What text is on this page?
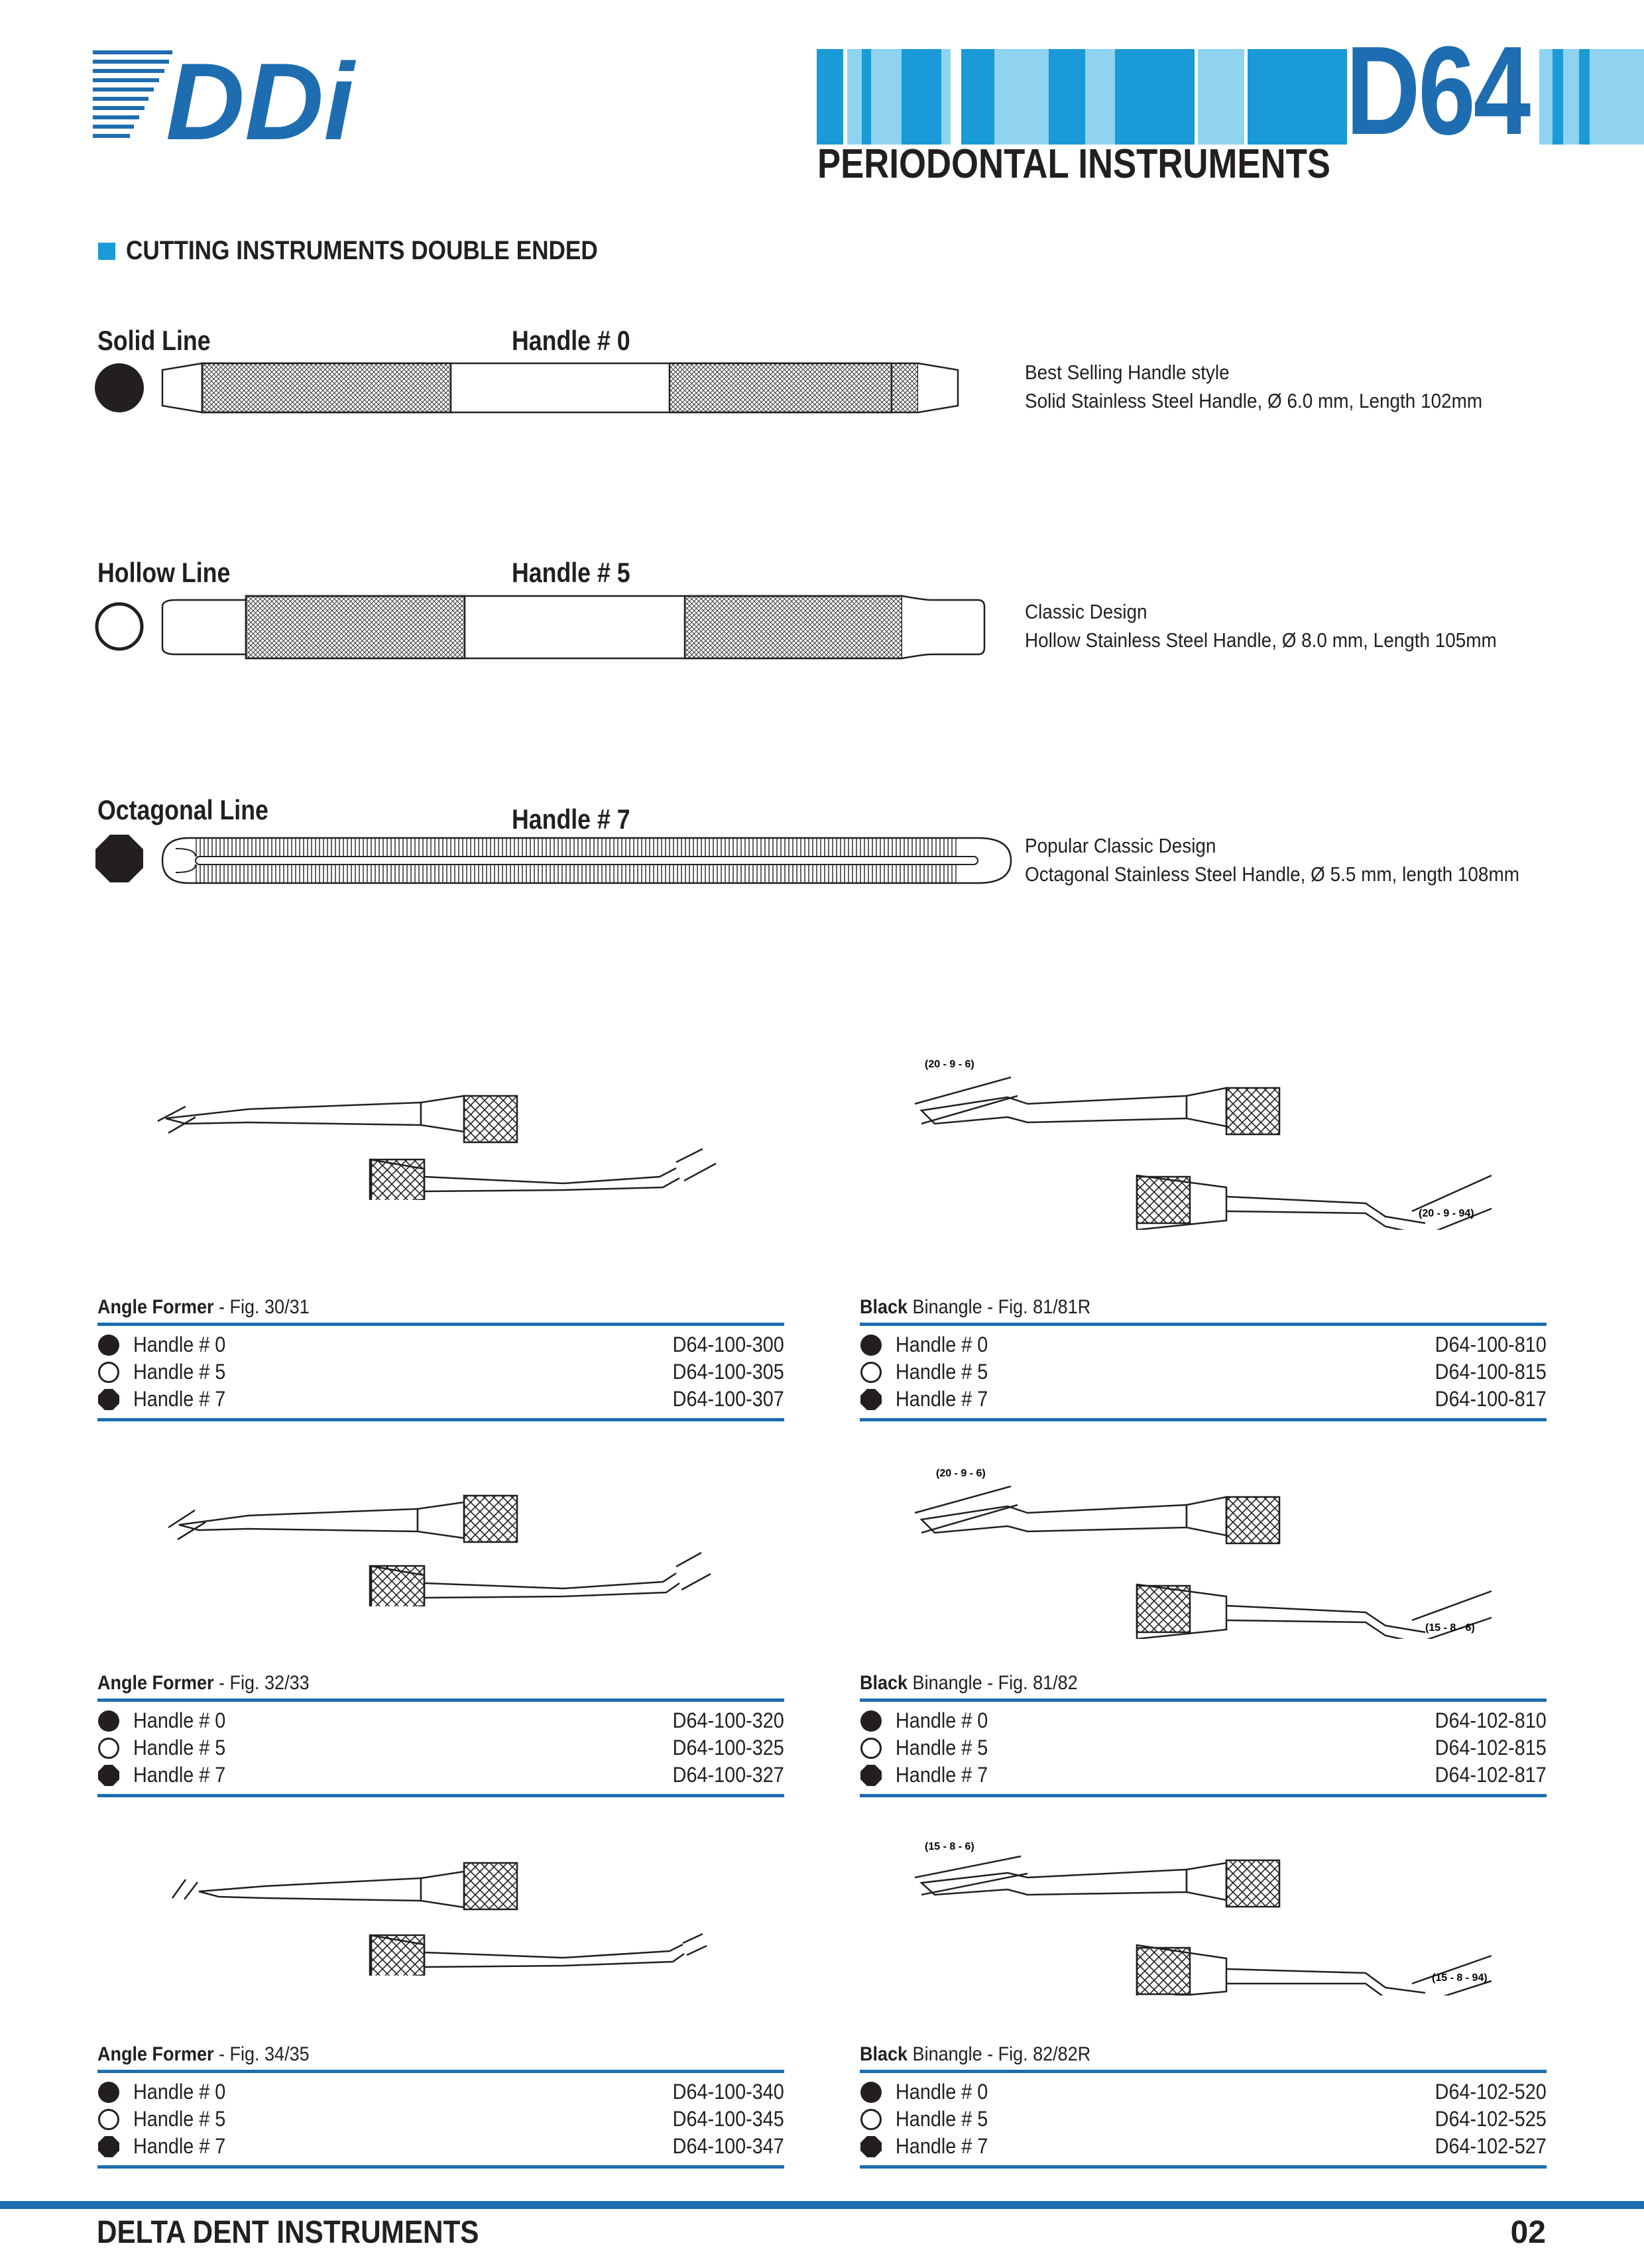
DDi	D64
PERIODONTAL INSTRUMENTS
CUTTING INSTRUMENTS DOUBLE ENDED
Solid Line	Handle # 0
Best Selling Handle style
Solid Stainless Steel Handle, Ø 6.0 mm, Length 102mm
Hollow Line	Handle # 5
Classic Design
Hollow Stainless Steel Handle, Ø 8.0 mm, Length 105mm
Octagonal Line	Handle # 7
Popular Classic Design
Octagonal Stainless Steel Handle, Ø 5.5 mm, length 108mm
(20 - 9 - 6)
(20 - 9 - 94)
(20 - 9 - 6)
(15 - 8 - 6)
(15 - 8 - 6)
(15 - 8 - 94)
Angle Former - Fig. 30/31
Handle # 0	D64-100-300
Handle # 5	D64-100-305
Handle # 7	D64-100-307
Black Binangle - Fig. 81/81R
Handle # 0	D64-100-810
Handle # 5	D64-100-815
Handle # 7	D64-100-817
Angle Former - Fig. 32/33
Handle # 0	D64-100-320
Handle # 5	D64-100-325
Handle # 7	D64-100-327
Black Binangle - Fig. 81/82
Handle # 0	D64-102-810
Handle # 5	D64-102-815
Handle # 7	D64-102-817
Angle Former - Fig. 34/35
Handle # 0	D64-100-340
Handle # 5	D64-100-345
Handle # 7	D64-100-347
Black Binangle - Fig. 82/82R
Handle # 0	D64-102-520
Handle # 5	D64-102-525
Handle # 7	D64-102-527
DELTA DENT INSTRUMENTS	02
